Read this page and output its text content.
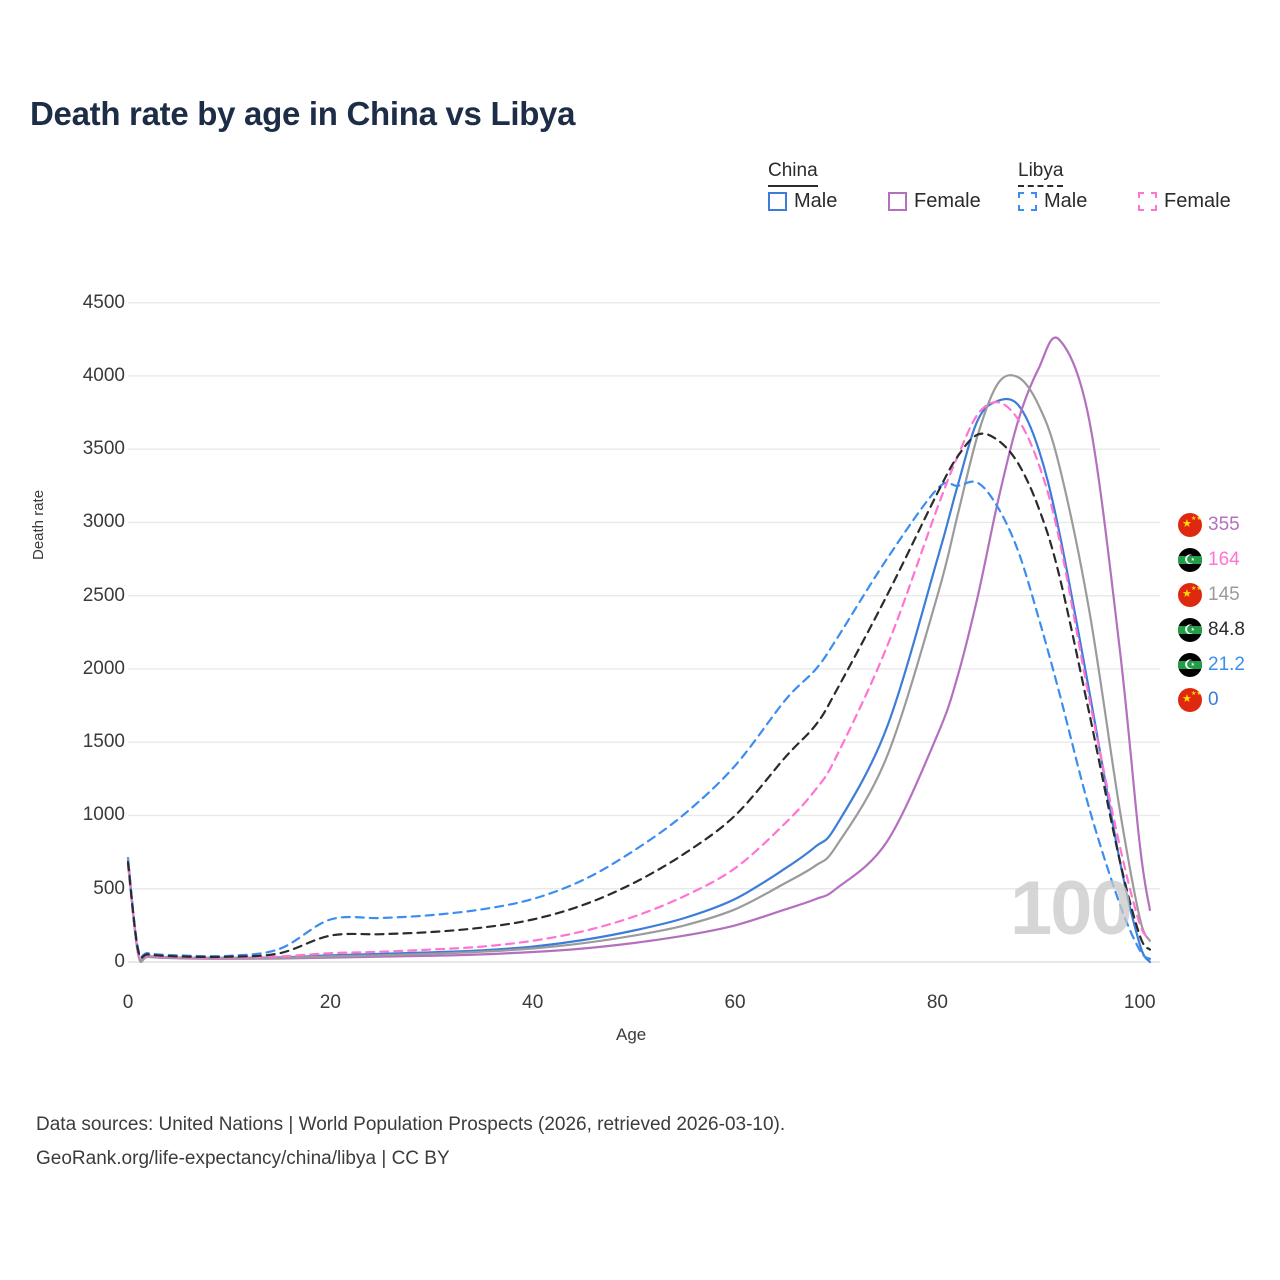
Death rate by age in China vs Libya
China	Libya
Male	Female	Male	Female
0
500
1000
1500
2000
2500
3000
3500
4000
4500
0	20	40	60	80	100
Death rate
Age
100
★ ★★ 355
☪ 164
★ ★★ 145
☪ 84.8
☪ 21.2
★ ★★ 0
Data sources: United Nations | World Population Prospects (2026, retrieved 2026-03-10).
GeoRank.org/life-expectancy/china/libya | CC BY
